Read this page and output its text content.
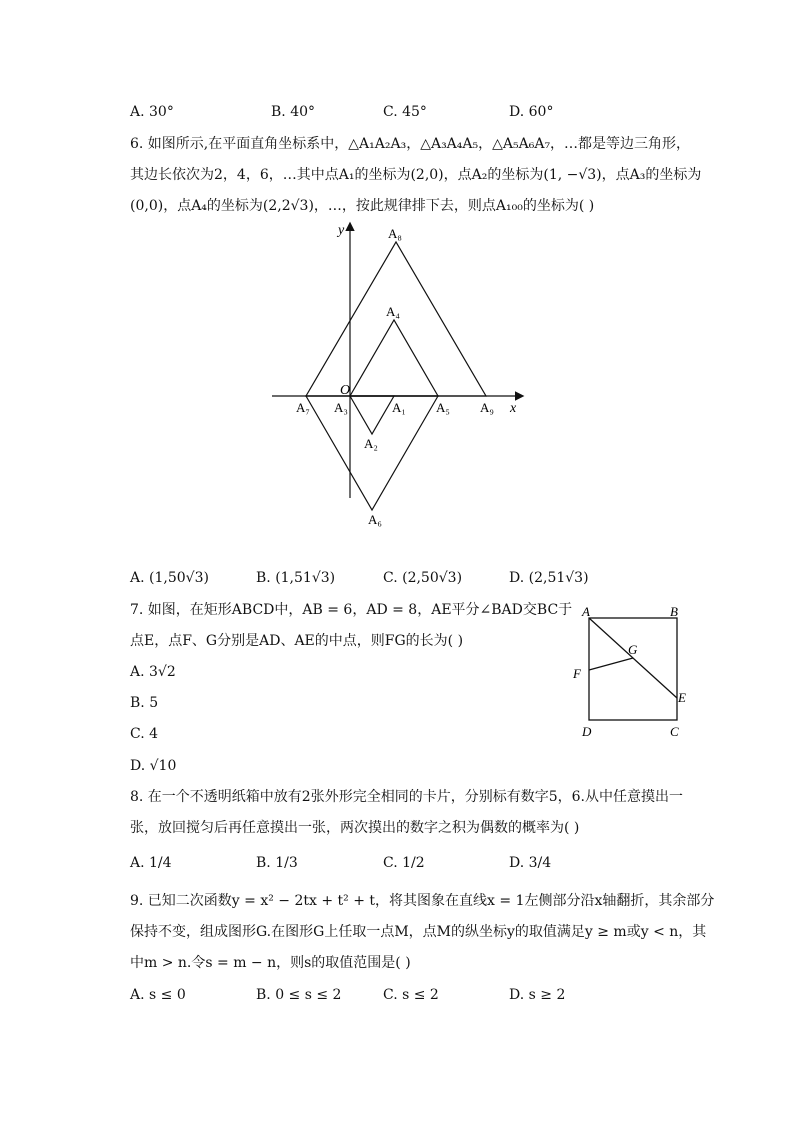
A. 30°	B. 40°	C. 45°	D. 60°
6. 如图所示,在平面直角坐标系中，△A₁A₂A₃，△A₃A₄A₅，△A₅A₆A₇，…都是等边三角形，
其边长依次为2，4，6，…其中点A₁的坐标为(2,0)，点A₂的坐标为(1, −√3)，点A₃的坐标为
(0,0)，点A₄的坐标为(2,2√3)，…，按此规律排下去，则点A₁₀₀的坐标为( )
y
x
O
A₁
A₂
A₃
A₄
A₅
A₆
A₇
A₈
A₉
A. (1,50√3)	B. (1,51√3)	C. (2,50√3)	D. (2,51√3)
7. 如图，在矩形ABCD中，AB = 6，AD = 8，AE平分∠BAD交BC于
点E，点F、G分别是AD、AE的中点，则FG的长为( )
A. 3√2
B. 5
C. 4
D. √10
A	B
C
D
E
F
G
8. 在一个不透明纸箱中放有2张外形完全相同的卡片，分别标有数字5，6.从中任意摸出一
张，放回搅匀后再任意摸出一张，两次摸出的数字之积为偶数的概率为( )
A. 1/4	B. 1/3	C. 1/2	D. 3/4
9. 已知二次函数y = x² − 2tx + t² + t，将其图象在直线x = 1左侧部分沿x轴翻折，其余部分
保持不变，组成图形G.在图形G上任取一点M，点M的纵坐标y的取值满足y ≥ m或y < n，其
中m > n.令s = m − n，则s的取值范围是( )
A. s ≤ 0	B. 0 ≤ s ≤ 2	C. s ≤ 2	D. s ≥ 2
